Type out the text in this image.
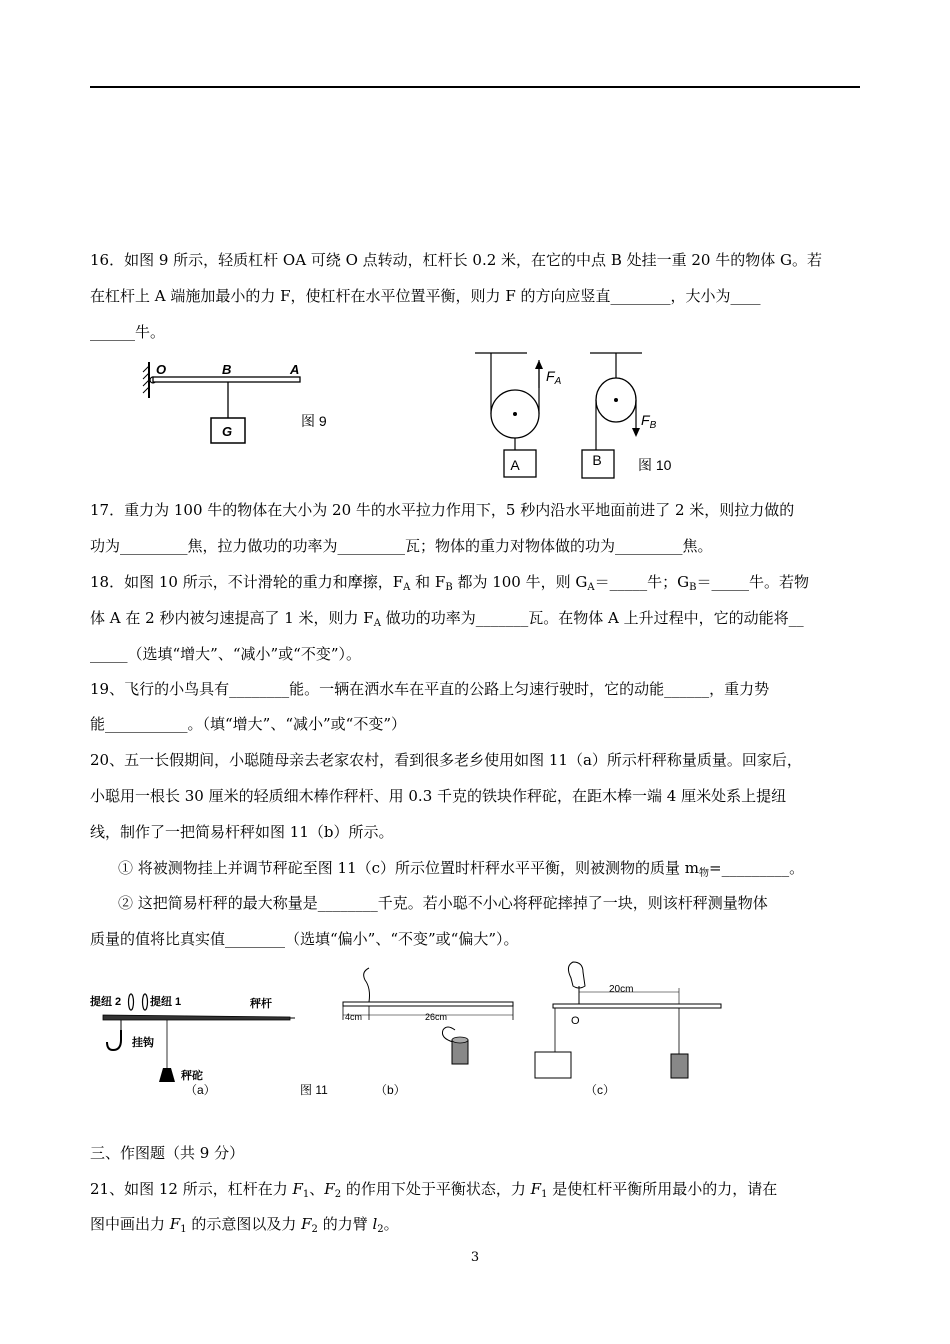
16．如图 9 所示，轻质杠杆 OA 可绕 O 点转动，杠杆长 0.2 米，在它的中点 B 处挂一重 20 牛的物体 G。若
在杠杆上 A 端施加最小的力 F，使杠杆在水平位置平衡，则力 F 的方向应竖直________，大小为____
______牛。
O	B	A
G
图 9
$F_A$
A
$F_B$
B	图 10
17．重力为 100 牛的物体在大小为 20 牛的水平拉力作用下，5 秒内沿水平地面前进了 2 米，则拉力做的
功为_________焦，拉力做功的功率为_________瓦；物体的重力对物体做的功为_________焦。
18．如图 10 所示，不计滑轮的重力和摩擦，$F_A$ 和 $F_B$ 都为 100 牛，则 $G_A=\_\_\_\_\_$牛；$G_B=\_\_\_\_\_$牛。若物
体 A 在 2 秒内被匀速提高了 1 米，则力 $F_A$ 做功的功率为_______瓦。在物体 A 上升过程中，它的动能将__
_____（选填“增大”、“减小”或“不变”）。
19、飞行的小鸟具有________能。一辆在洒水车在平直的公路上匀速行驶时，它的动能______，重力势
能___________。（填“增大”、“减小”或“不变”）
20、五一长假期间，小聪随母亲去老家农村，看到很多老乡使用如图 11（a）所示杆秤称量质量。回家后，
小聪用一根长 30 厘米的轻质细木棒作秤杆、用 0.3 千克的铁块作秤砣，在距木棒一端 4 厘米处系上提纽
线，制作了一把简易杆秤如图 11（b）所示。
① 将被测物挂上并调节秤砣至图 11（c）所示位置时杆秤水平平衡，则被测物的质量 $m_物=\_\_\_\_\_\_\_\_\_$。
② 这把简易杆秤的最大称量是________千克。若小聪不小心将秤砣摔掉了一块，则该杆秤测量物体
质量的值将比真实值________（选填“偏小”、“不变”或“偏大”）。
提纽 2	提纽 1	秤杆
挂钩
秤砣
（a）	图 11	（b）
4cm	26cm	O
20cm
（c）
三、作图题（共 9 分）
21、如图 12 所示，杠杆在力 $F_1$、$F_2$ 的作用下处于平衡状态，力 $F_1$ 是使杠杆平衡所用最小的力，请在
图中画出力 $F_1$ 的示意图以及力 $F_2$ 的力臂 $l_2$。
3
